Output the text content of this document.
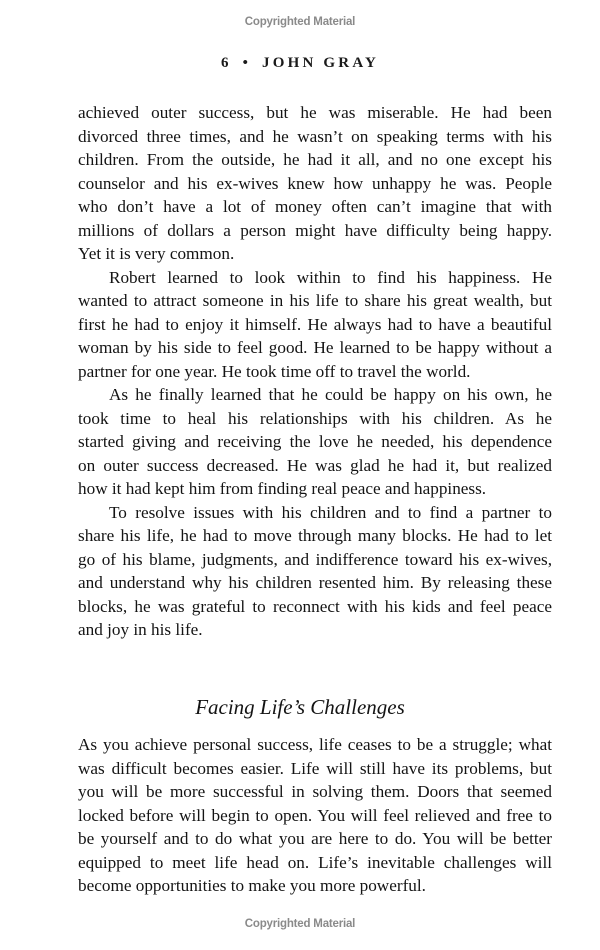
Copyrighted Material
6 • JOHN GRAY

achieved outer success, but he was miserable. He had been
divorced three times, and he wasn’t on speaking terms with his
children. From the outside, he had it all, and no one except his
counselor and his ex-wives knew how unhappy he was. People
who don’t have a lot of money often can’t imagine that with
millions of dollars a person might have difficulty being happy.
Yet it is very common.

Robert learned to look within to find his happiness. He
wanted to attract someone in his life to share his great wealth, but
first he had to enjoy it himself. He always had to have a beautiful
woman by his side to feel good. He learned to be happy without a
partner for one year. He took time off to travel the world.

As he finally learned that he could be happy on his own, he
took time to heal his relationships with his children. As he
started giving and receiving the love he needed, his dependence
on outer success decreased. He was glad he had it, but realized
how it had kept him from finding real peace and happiness.

To resolve issues with his children and to find a partner to
share his life, he had to move through many blocks. He had to let
go of his blame, judgments, and indifference toward his ex-wives,
and understand why his children resented him. By releasing these
blocks, he was grateful to reconnect with his kids and feel peace
and joy in his life.

Facing Life’s Challenges

As you achieve personal success, life ceases to be a struggle; what
was difficult becomes easier. Life will still have its problems, but
you will be more successful in solving them. Doors that seemed
locked before will begin to open. You will feel relieved and free to
be yourself and to do what you are here to do. You will be better
equipped to meet life head on. Life’s inevitable challenges will
become opportunities to make you more powerful.

Copyrighted Material
